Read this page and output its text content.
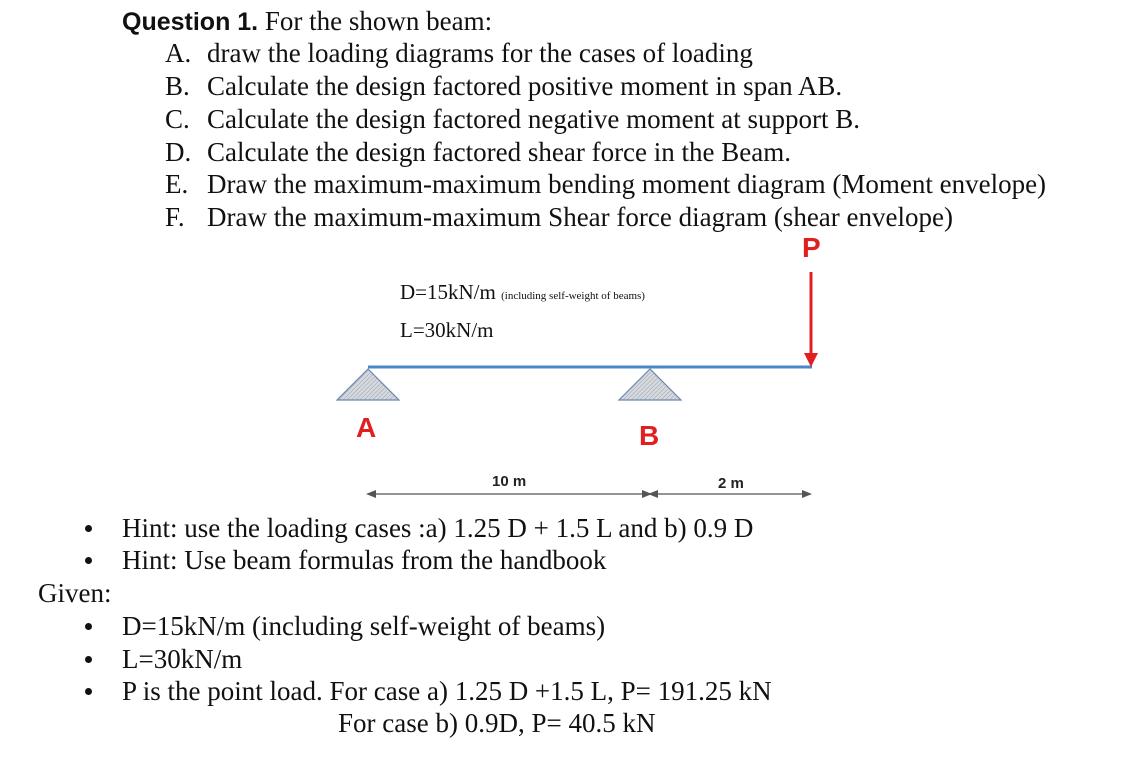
Question 1. For the shown beam:
A. draw the loading diagrams for the cases of loading
B. Calculate the design factored positive moment in span AB.
C. Calculate the design factored negative moment at support B.
D. Calculate the design factored shear force in the Beam.
E. Draw the maximum-maximum bending moment diagram (Moment envelope)
F. Draw the maximum-maximum Shear force diagram (shear envelope)
P
D=15kN/m (including self-weight of beams)
L=30kN/m
A	B
10 m	2 m
Hint: use the loading cases :a) 1.25 D + 1.5 L and b) 0.9 D
Hint: Use beam formulas from the handbook
Given:
D=15kN/m (including self-weight of beams)
L=30kN/m
P is the point load. For case a) 1.25 D +1.5 L, P= 191.25 kN
For case b) 0.9D, P= 40.5 kN
